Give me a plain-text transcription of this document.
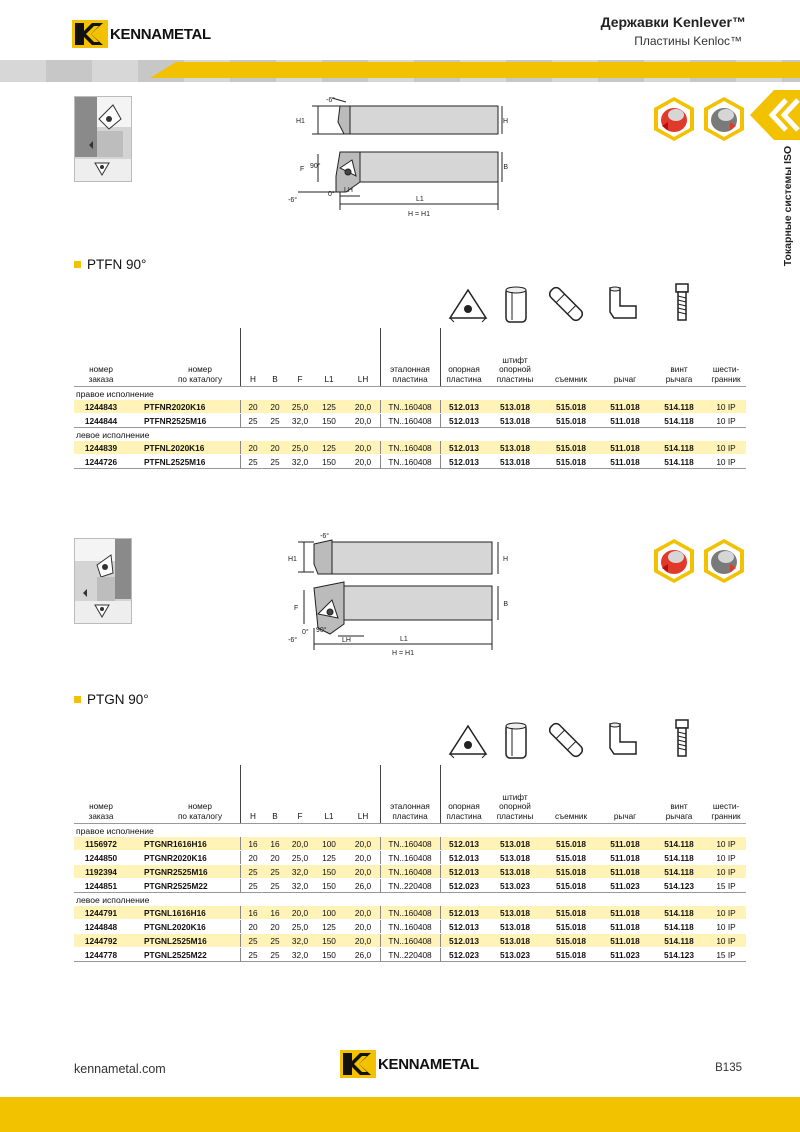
KENNAMETAL
Державки Kenlever™
Пластины Kenloc™
Токарные системы ISO
-6°
H1	H
B
F 90°
0°
-6°
LH
L1
H = H1
PTFN 90°
номер
заказа
номер
по каталогу	H	B	F	L1	LH
эталонная
пластина
опорная
пластина
штифт
опорной
пластины	съемник	рычаг
винт
рычага
шести-
гранник
правое исполнение
1244843	PTFNR2020K16	20	20	25,0	125	20,0	TN..160408	512.013	513.018	515.018	511.018	514.118	10 IP
1244844	PTFNR2525M16	25	25	32,0	150	20,0	TN..160408	512.013	513.018	515.018	511.018	514.118	10 IP
левое исполнение
1244839	PTFNL2020K16	20	20	25,0	125	20,0	TN..160408	512.013	513.018	515.018	511.018	514.118	10 IP
1244726	PTFNL2525M16	25	25	32,0	150	20,0	TN..160408	512.013	513.018	515.018	511.018	514.118	10 IP
-6°
H1	H
B
F
90°
0°
-6°	LH	L1
H = H1
PTGN 90°
номер
заказа
номер
по каталогу	H	B	F	L1	LH
эталонная
пластина
опорная
пластина
штифт
опорной
пластины	съемник	рычаг
винт
рычага
шести-
гранник
правое исполнение
1156972	PTGNR1616H16	16	16	20,0	100	20,0	TN..160408	512.013	513.018	515.018	511.018	514.118	10 IP
1244850	PTGNR2020K16	20	20	25,0	125	20,0	TN..160408	512.013	513.018	515.018	511.018	514.118	10 IP
1192394	PTGNR2525M16	25	25	32,0	150	20,0	TN..160408	512.013	513.018	515.018	511.018	514.118	10 IP
1244851	PTGNR2525M22	25	25	32,0	150	26,0	TN..220408	512.023	513.023	515.018	511.023	514.123	15 IP
левое исполнение
1244791	PTGNL1616H16	16	16	20,0	100	20,0	TN..160408	512.013	513.018	515.018	511.018	514.118	10 IP
1244848	PTGNL2020K16	20	20	25,0	125	20,0	TN..160408	512.013	513.018	515.018	511.018	514.118	10 IP
1244792	PTGNL2525M16	25	25	32,0	150	20,0	TN..160408	512.013	513.018	515.018	511.018	514.118	10 IP
1244778	PTGNL2525M22	25	25	32,0	150	26,0	TN..220408	512.023	513.023	515.018	511.023	514.123	15 IP
kennametal.com	KENNAMETAL	B135
